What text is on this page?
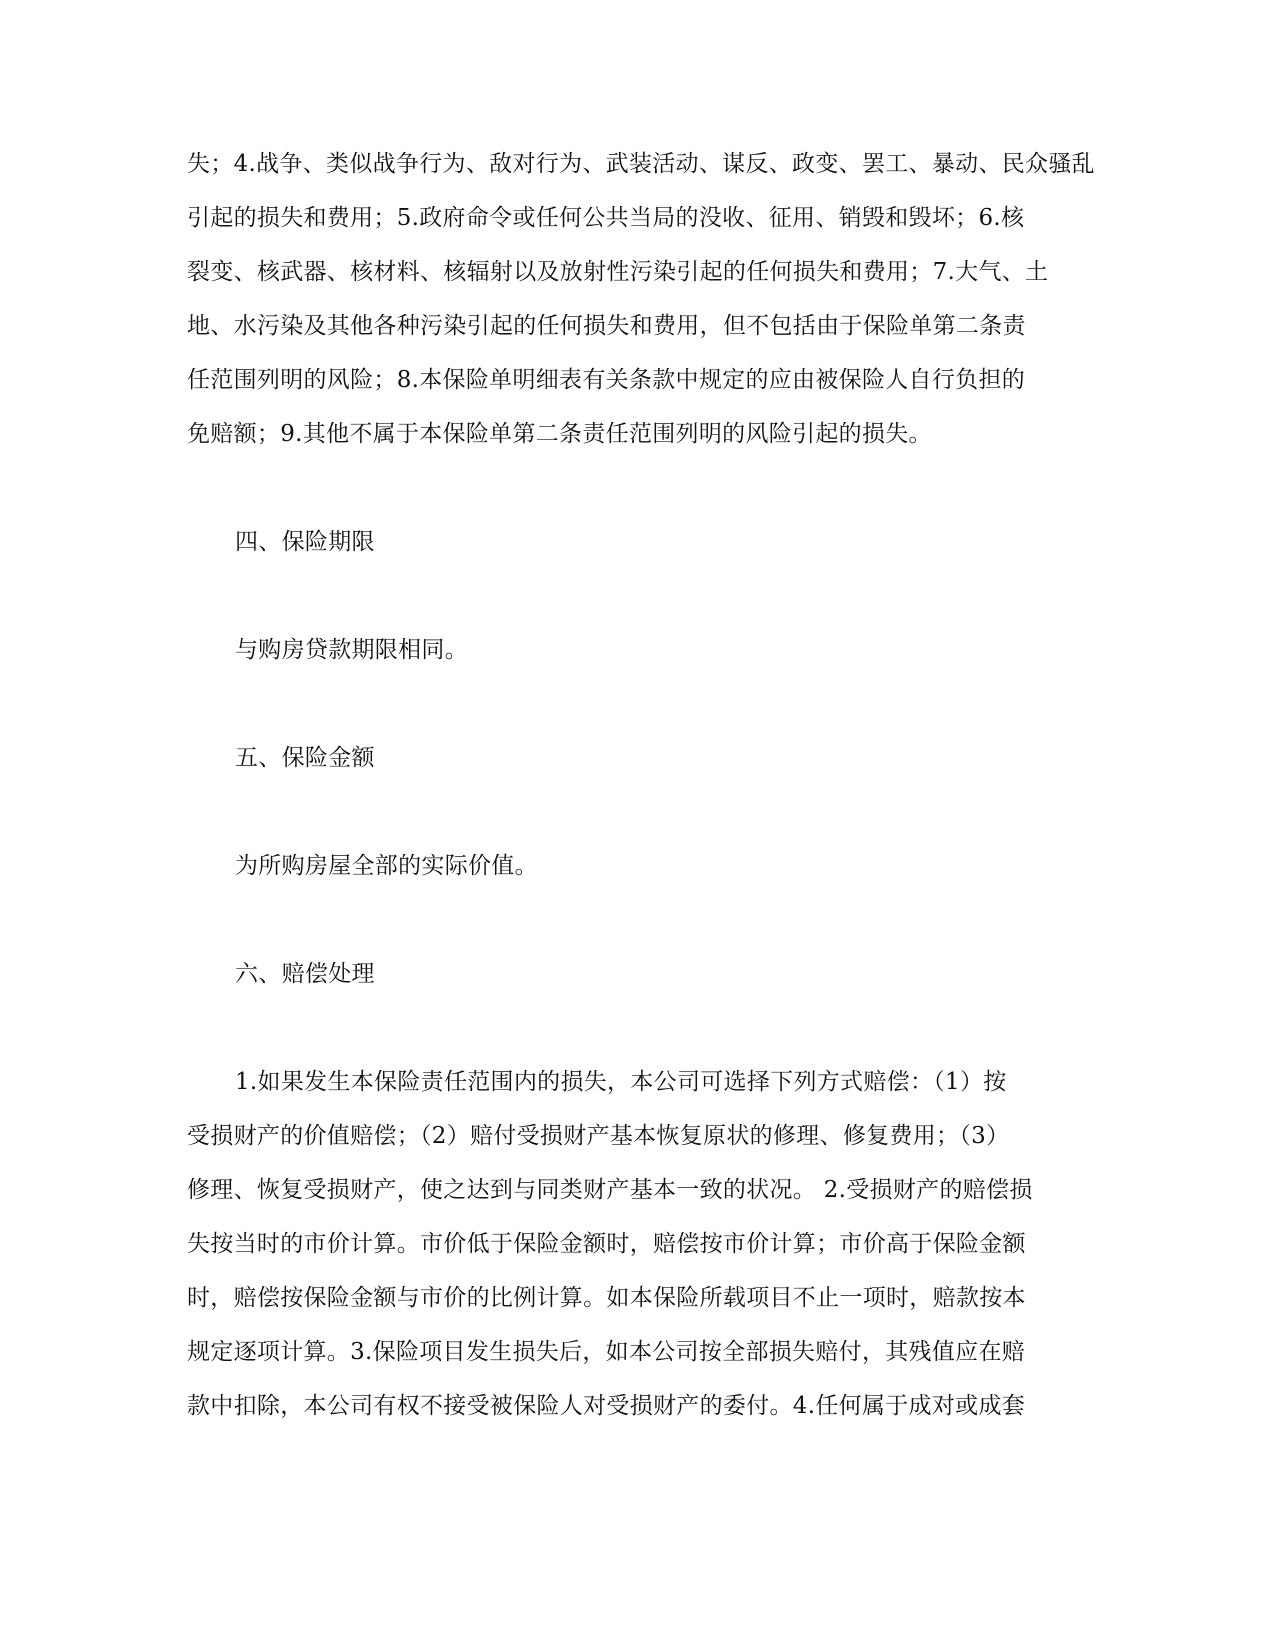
失；4.战争、类似战争行为、敌对行为、武装活动、谋反、政变、罢工、暴动、民众骚乱
引起的损失和费用；5.政府命令或任何公共当局的没收、征用、销毁和毁坏；6.核
裂变、核武器、核材料、核辐射以及放射性污染引起的任何损失和费用；7.大气、土
地、水污染及其他各种污染引起的任何损失和费用，但不包括由于保险单第二条责
任范围列明的风险；8.本保险单明细表有关条款中规定的应由被保险人自行负担的
免赔额；9.其他不属于本保险单第二条责任范围列明的风险引起的损失。
四、保险期限
与购房贷款期限相同。
五、保险金额
为所购房屋全部的实际价值。
六、赔偿处理
1.如果发生本保险责任范围内的损失，本公司可选择下列方式赔偿：（1）按
受损财产的价值赔偿；（2）赔付受损财产基本恢复原状的修理、修复费用；（3）
修理、恢复受损财产，使之达到与同类财产基本一致的状况。 2.受损财产的赔偿损
失按当时的市价计算。市价低于保险金额时，赔偿按市价计算；市价高于保险金额
时，赔偿按保险金额与市价的比例计算。如本保险所载项目不止一项时，赔款按本
规定逐项计算。3.保险项目发生损失后，如本公司按全部损失赔付，其残值应在赔
款中扣除，本公司有权不接受被保险人对受损财产的委付。4.任何属于成对或成套
